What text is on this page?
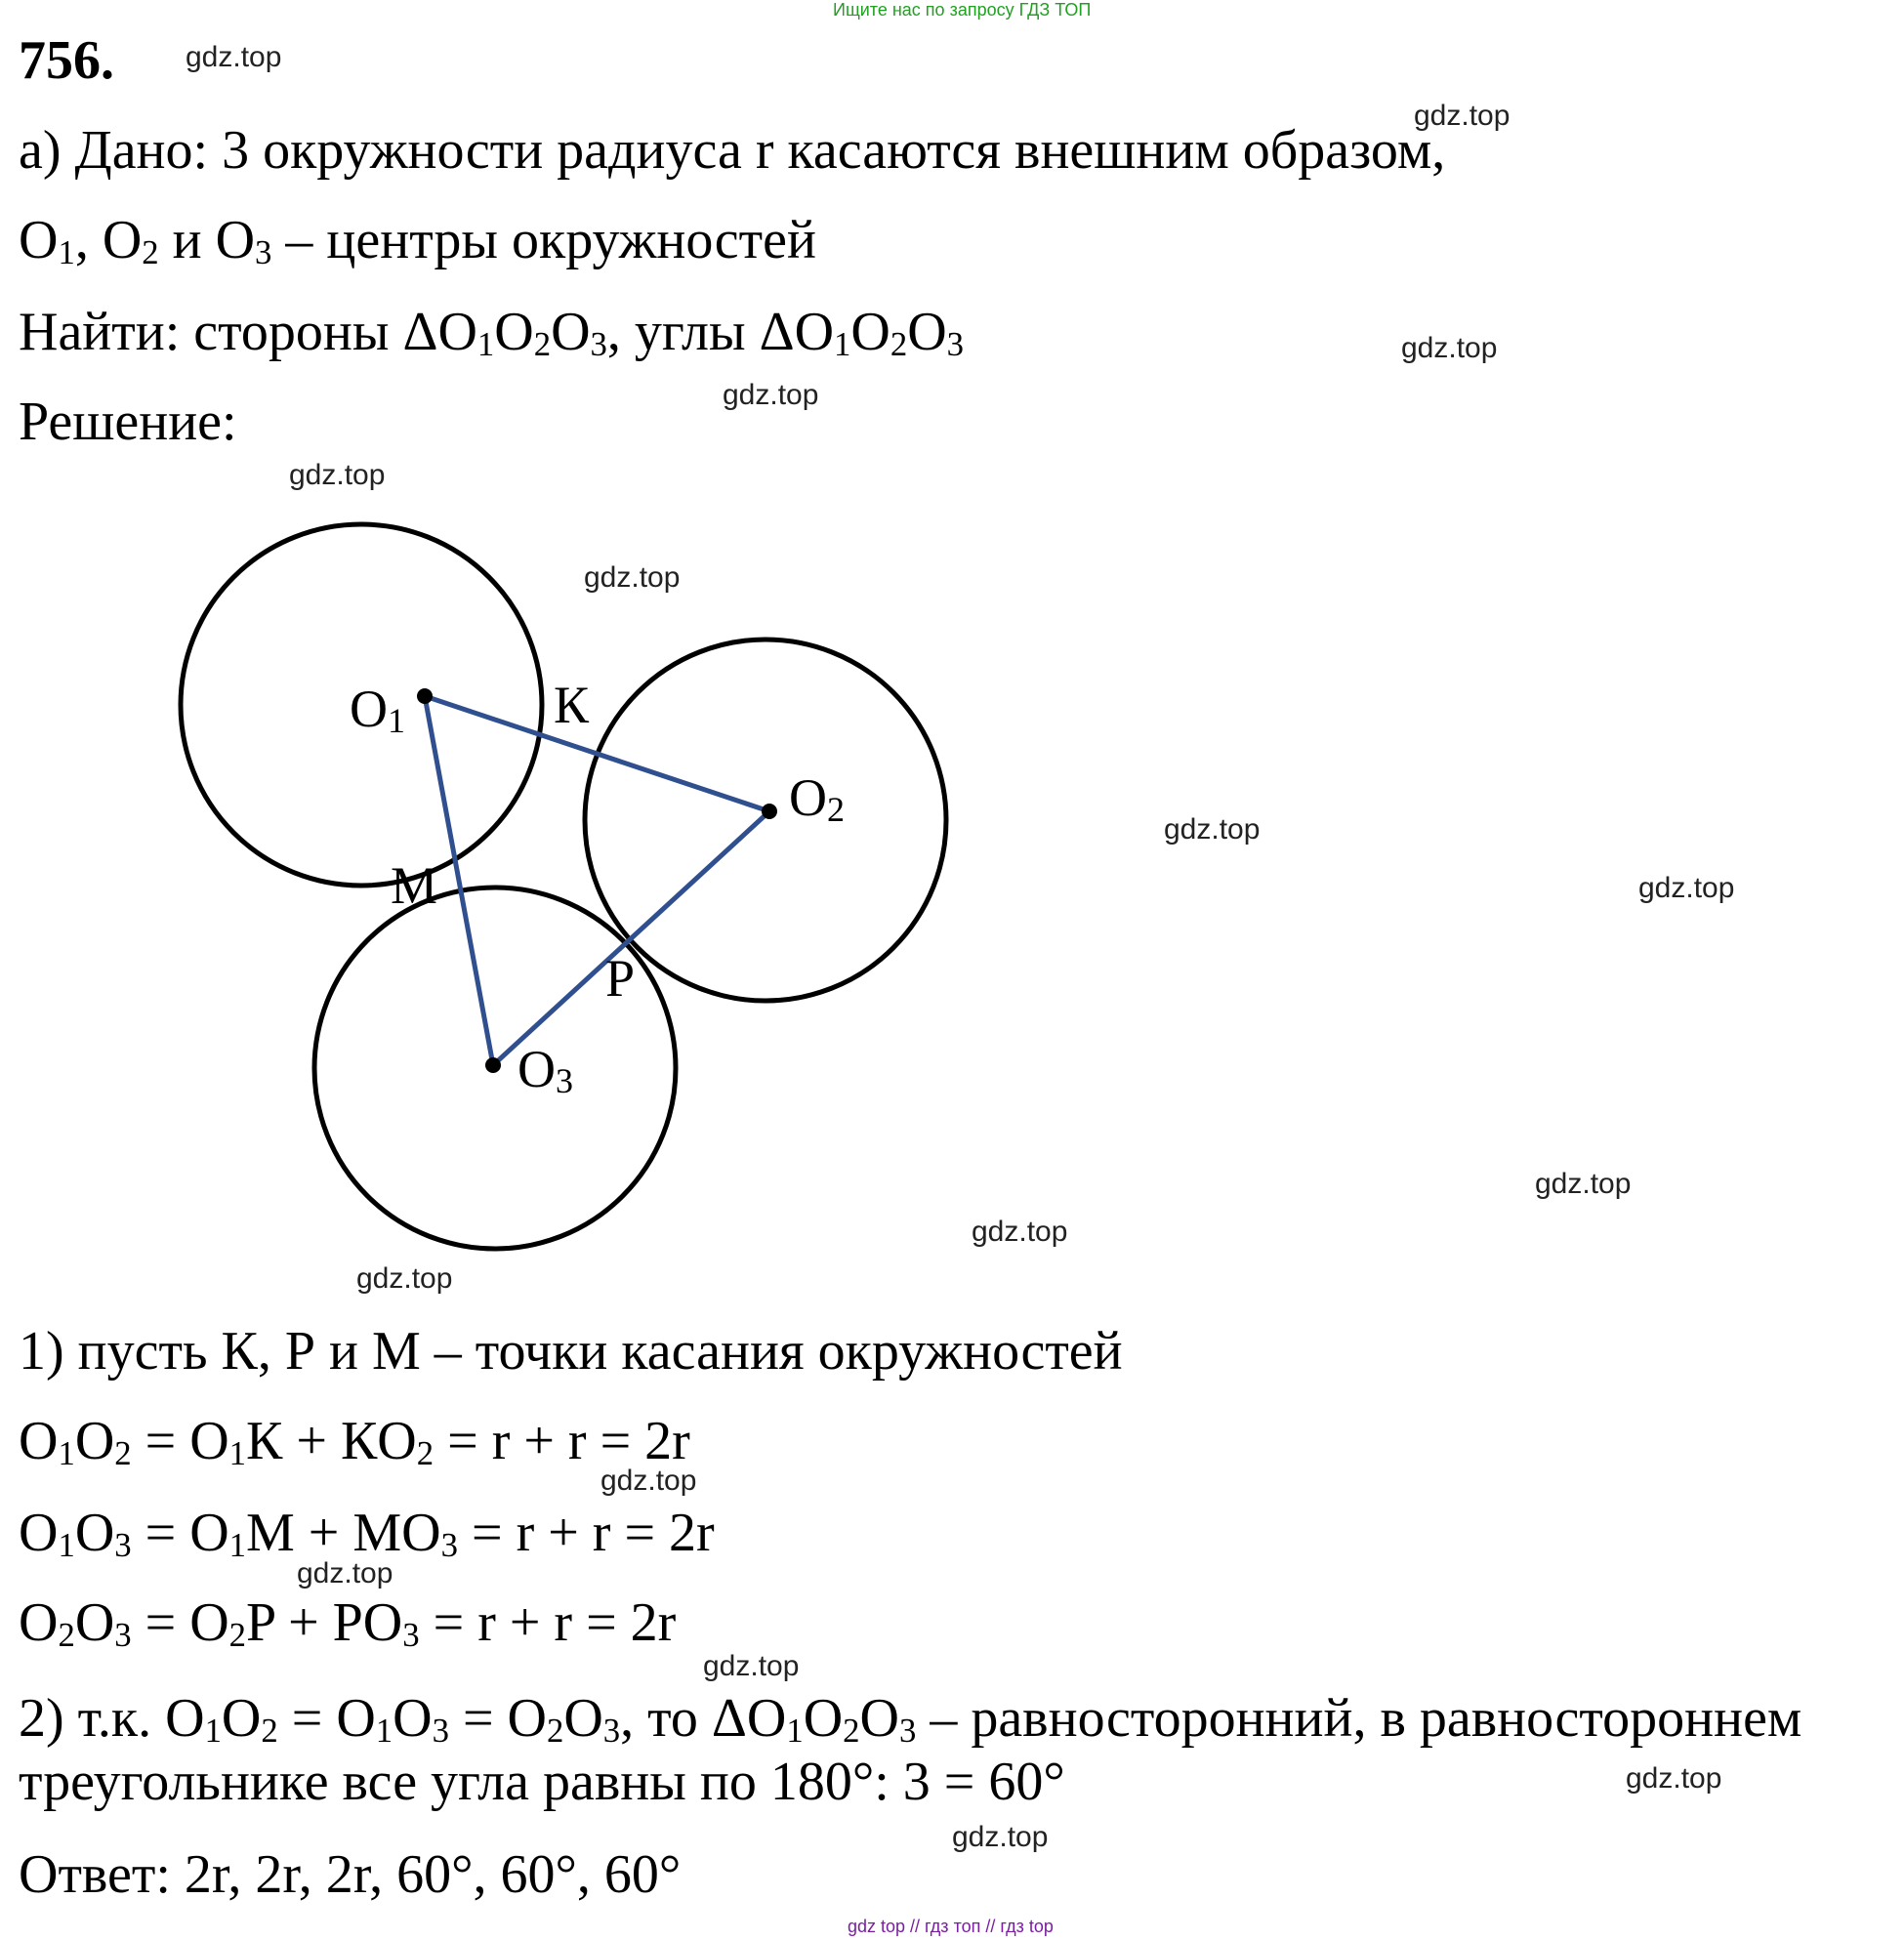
Ищите нас по запросу ГДЗ ТОП
756.
а) Дано: 3 окружности радиуса r касаются внешним образом,
$O_1$, $O_2$ и $O_3$ – центры окружностей
Найти: стороны $\Delta O_1O_2O_3$, углы $\Delta O_1O_2O_3$
Решение:
O1
O2
O3
К
M
P
1) пусть К, Р и М – точки касания окружностей
$O_1O_2 = O_1К + КO_2 = r + r = 2r$
$O_1O_3 = O_1M + MO_3 = r + r = 2r$
$O_2O_3 = O_2P + PO_3 = r + r = 2r$
2) т.к. $O_1O_2 = O_1O_3 = O_2O_3$, то $\Delta O_1O_2O_3$ – равносторонний, в равностороннем
треугольнике все угла равны по 180°: 3 = 60°
Ответ: 2r, 2r, 2r, 60°, 60°, 60°
gdz.top
gdz.top
gdz.top
gdz.top
gdz.top
gdz.top
gdz.top
gdz.top
gdz.top
gdz.top
gdz.top
gdz.top
gdz.top
gdz.top
gdz.top
gdz.top
gdz top // гдз топ // гдз top
